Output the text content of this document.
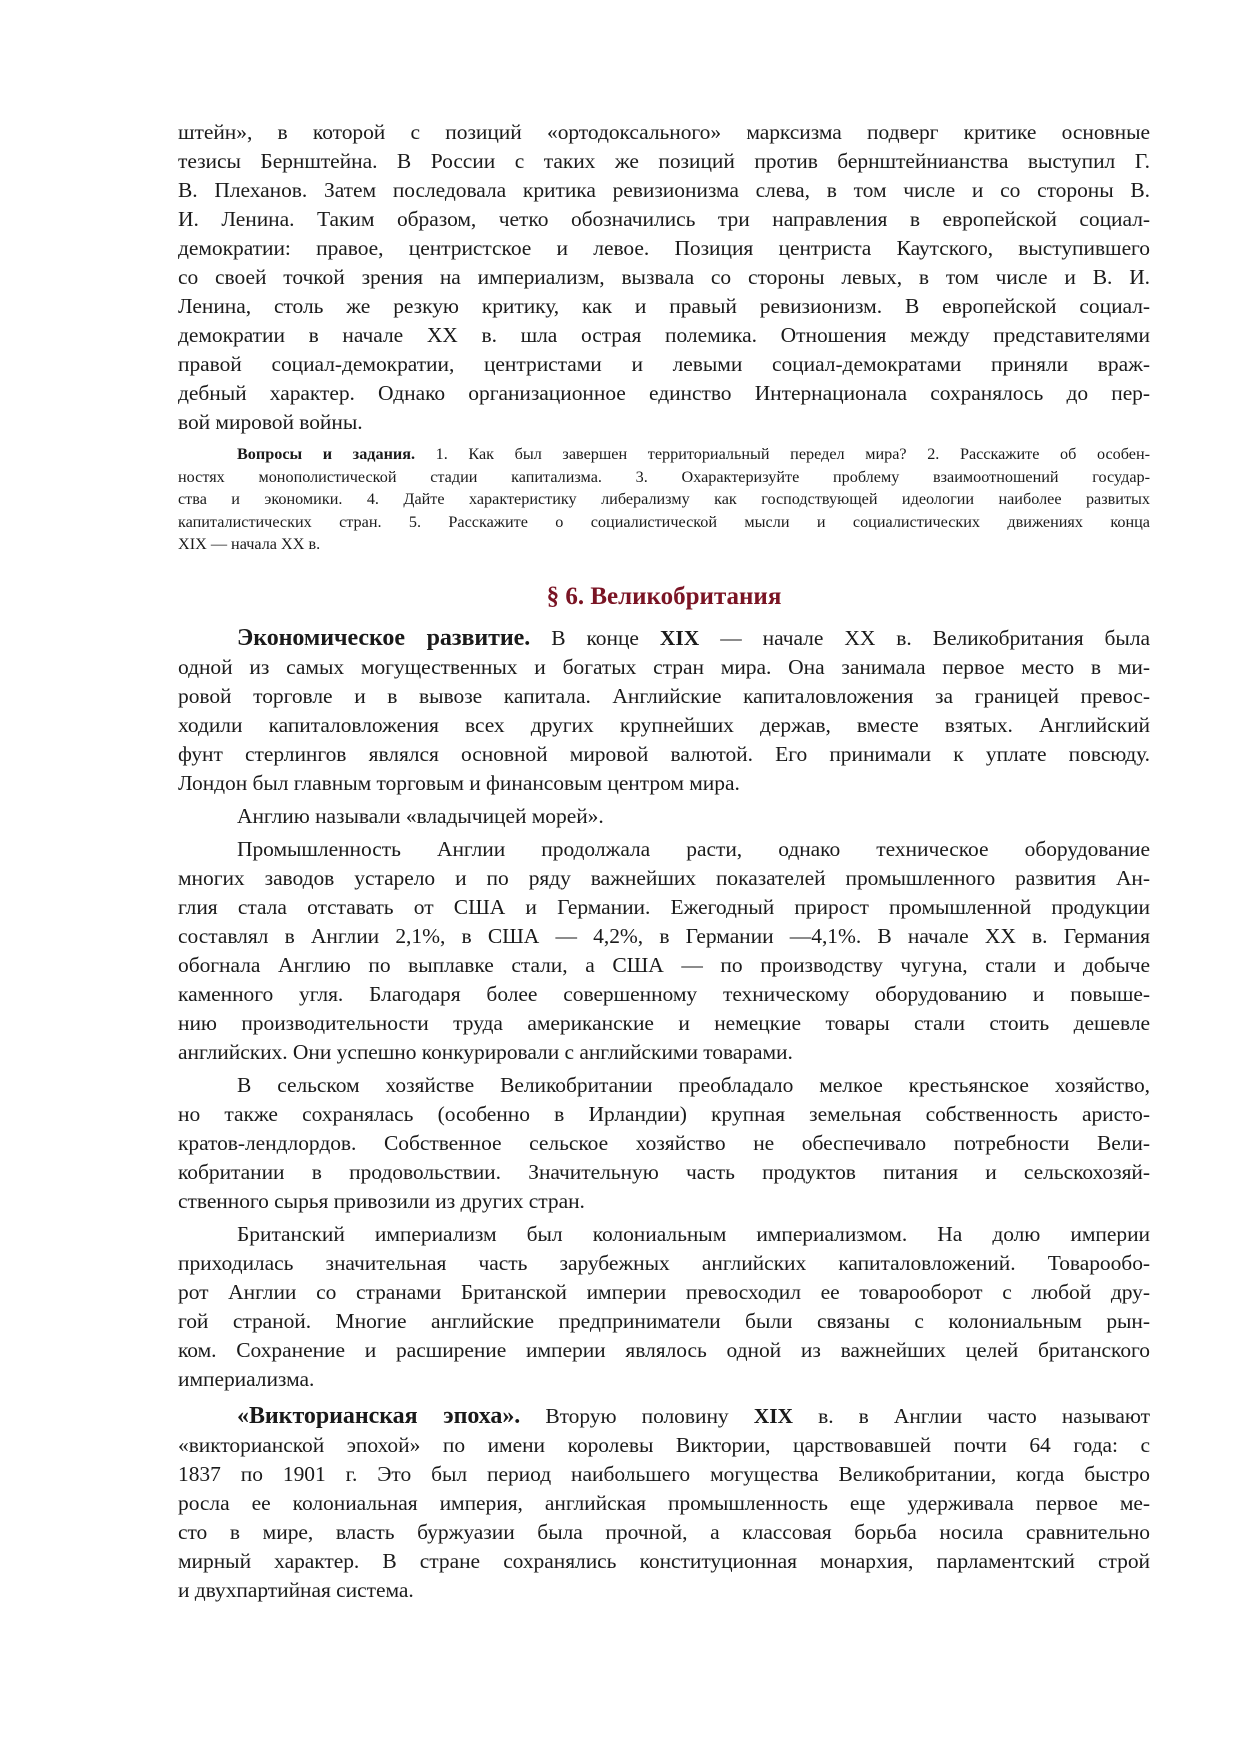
штейн», в которой с позиций «ортодоксального» марксизма подверг критике основные
тезисы Бернштейна. В России с таких же позиций против бернштейнианства выступил Г.
В. Плеханов. Затем последовала критика ревизионизма слева, в том числе и со стороны В.
И. Ленина. Таким образом, четко обозначились три направления в европейской социал-
демократии: правое, центристское и левое. Позиция центриста Каутского, выступившего
со своей точкой зрения на империализм, вызвала со стороны левых, в том числе и В. И.
Ленина, столь же резкую критику, как и правый ревизионизм. В европейской социал-
демократии в начале XX в. шла острая полемика. Отношения между представителями
правой социал-демократии, центристами и левыми социал-демократами приняли враж-
дебный характер. Однако организационное единство Интернационала сохранялось до пер-
вой мировой войны.
Вопросы и задания. 1. Как был завершен территориальный передел мира? 2. Расскажите об особен-
ностях монополистической стадии капитализма. 3. Охарактеризуйте проблему взаимоотношений государ-
ства и экономики. 4. Дайте характеристику либерализму как господствующей идеологии наиболее развитых
капиталистических стран. 5. Расскажите о социалистической мысли и социалистических движениях конца
XIX — начала XX в.
§ 6. Великобритания
Экономическое развитие. В конце XIX — начале XX в. Великобритания была
одной из самых могущественных и богатых стран мира. Она занимала первое место в ми-
ровой торговле и в вывозе капитала. Английские капиталовложения за границей превос-
ходили капиталовложения всех других крупнейших держав, вместе взятых. Английский
фунт стерлингов являлся основной мировой валютой. Его принимали к уплате повсюду.
Лондон был главным торговым и финансовым центром мира.
Англию называли «владычицей морей».
Промышленность Англии продолжала расти, однако техническое оборудование
многих заводов устарело и по ряду важнейших показателей промышленного развития Ан-
глия стала отставать от США и Германии. Ежегодный прирост промышленной продукции
составлял в Англии 2,1%, в США — 4,2%, в Германии —4,1%. В начале XX в. Германия
обогнала Англию по выплавке стали, а США — по производству чугуна, стали и добыче
каменного угля. Благодаря более совершенному техническому оборудованию и повыше-
нию производительности труда американские и немецкие товары стали стоить дешевле
английских. Они успешно конкурировали с английскими товарами.
В сельском хозяйстве Великобритании преобладало мелкое крестьянское хозяйство,
но также сохранялась (особенно в Ирландии) крупная земельная собственность аристо-
кратов-лендлордов. Собственное сельское хозяйство не обеспечивало потребности Вели-
кобритании в продовольствии. Значительную часть продуктов питания и сельскохозяй-
ственного сырья привозили из других стран.
Британский империализм был колониальным империализмом. На долю империи
приходилась значительная часть зарубежных английских капиталовложений. Товарообо-
рот Англии со странами Британской империи превосходил ее товарооборот с любой дру-
гой страной. Многие английские предприниматели были связаны с колониальным рын-
ком. Сохранение и расширение империи являлось одной из важнейших целей британского
империализма.
«Викторианская эпоха». Вторую половину XIX в. в Англии часто называют
«викторианской эпохой» по имени королевы Виктории, царствовавшей почти 64 года: с
1837 по 1901 г. Это был период наибольшего могущества Великобритании, когда быстро
росла ее колониальная империя, английская промышленность еще удерживала первое ме-
сто в мире, власть буржуазии была прочной, а классовая борьба носила сравнительно
мирный характер. В стране сохранялись конституционная монархия, парламентский строй
и двухпартийная система.
